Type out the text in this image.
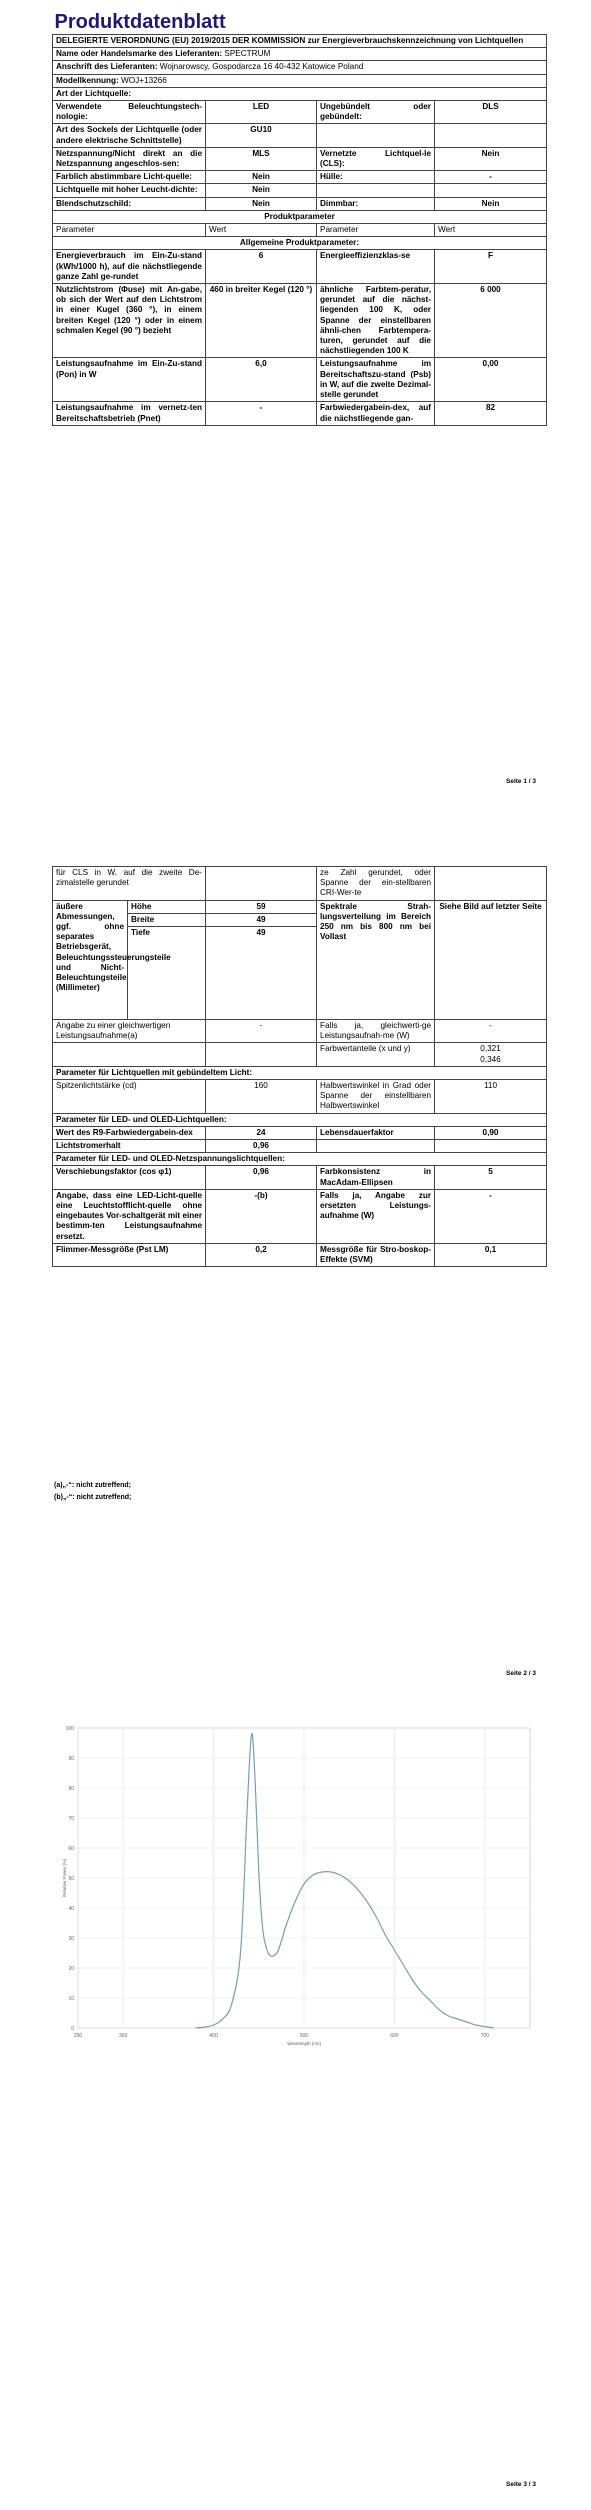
Produktdatenblatt			

DELEGIERTE VERORDNUNG (EU) 2019/2015 DER KOMMISSION zur Energieverbrauchskennzeichnung von Lichtquellen			
Name oder Handelsmarke des Lieferanten: SPECTRUM			
Anschrift des Lieferanten: Wojnarowscy, Gospodarcza 16 40-432 Katowice Poland			
Modellkennung: WOJ+13266			
Art der Lichtquelle:			
Verwendete Beleuchtungstech-nologie:	LED	Ungebündelt oder gebündelt:	DLS
Art des Sockels der Lichtquelle (oder andere elektrische Schnittstelle)	GU10		
Netzspannung/Nicht direkt an die Netzspannung angeschlos-sen:	MLS	Vernetzte Lichtquel-le (CLS):	Nein
Farblich abstimmbare Licht-quelle:	Nein	Hülle:	-
Lichtquelle mit hoher Leucht-dichte:	Nein		
Blendschutzschild:	Nein	Dimmbar:	Nein
Produktparameter			
Parameter	Wert	Parameter	Wert
Allgemeine Produktparameter:			
Energieverbrauch im Ein-Zu-stand (kWh/1000 h), auf die nächstliegende ganze Zahl ge-rundet	6	Energieeffizienzklas-se	F
Nutzlichtstrom (Φuse) mit An-gabe, ob sich der Wert auf den Lichtstrom in einer Kugel (360 °), in einem breiten Kegel (120 °) oder in einem schmalen Kegel (90 °) bezieht	460 in breiter Kegel (120 °)	ähnliche Farbtem-peratur, gerundet auf die nächst-liegenden 100 K, oder Spanne der einstellbaren ähnli-chen Farbtempera-turen, gerundet auf die nächstliegenden 100 K	6 000
Leistungsaufnahme im Ein-Zu-stand (Pon) in W	6,0	Leistungsaufnahme im Bereitschaftszu-stand (Psb) in W, auf die zweite Dezimal-stelle gerundet	0,00
Leistungsaufnahme im vernetz-ten Bereitschaftsbetrieb (Pnet)	-	Farbwiedergabein-dex, auf die nächstliegende gan-	82
Seite 1 / 3
für CLS in W, auf die zweite De-zimalstelle gerundet			ze Zahl gerundet, oder Spanne der ein-stellbaren CRI-Wer-te	
äußere Abmessungen, ggf. ohne separates Betriebsgerät, Beleuchtungssteuerungsteile und Nicht-Beleuchtungsteile (Millimeter)	Höhe	59	Spektrale Strah-lungsverteilung im Bereich 250 nm bis 800 nm bei Vollast	Siehe Bild auf letzter Seite
	Breite	49		
	Tiefe	49		
Angabe zu einer gleichwertigen Leistungsaufnahme(a)		-	Falls ja, gleichwerti-ge Leistungsaufnah-me (W)	-
			Farbwertanteile (x und y)	0,321
0,346

Parameter für Lichtquellen mit gebündeltem Licht:				
Spitzenlichtstärke (cd)		160	Halbwertswinkel in Grad oder Spanne der einstellbaren Halbwertswinkel	110
Parameter für LED- und OLED-Lichtquellen:				
Wert des R9-Farbwiedergabein-dex		24	Lebensdauerfaktor	0,90
Lichtstromerhalt		0,96		
Parameter für LED- und OLED-Netzspannungslichtquellen:				
Verschiebungsfaktor (cos φ1)		0,96	Farbkonsistenz in MacAdam-Ellipsen	5
Angabe, dass eine LED-Licht-quelle eine Leuchtstofflicht-quelle ohne eingebautes Vor-schaltgerät mit einer bestimm-ten Leistungsaufnahme ersetzt.		-(b)	Falls ja, Angabe zur ersetzten Leistungs-aufnahme (W)	-
Flimmer-Messgröße (Pst LM)		0,2	Messgröße für Stro-boskop-Effekte (SVM)	0,1
(a)„-“: nicht zutreffend;
(b)„-“: nicht zutreffend;
Seite 2 / 3
Seite 3 / 3
0
10
20
30
40
50
60
70
80
90
100
250	300	400	500	600	700
Wavelength [nm]
Relative Power [%]
